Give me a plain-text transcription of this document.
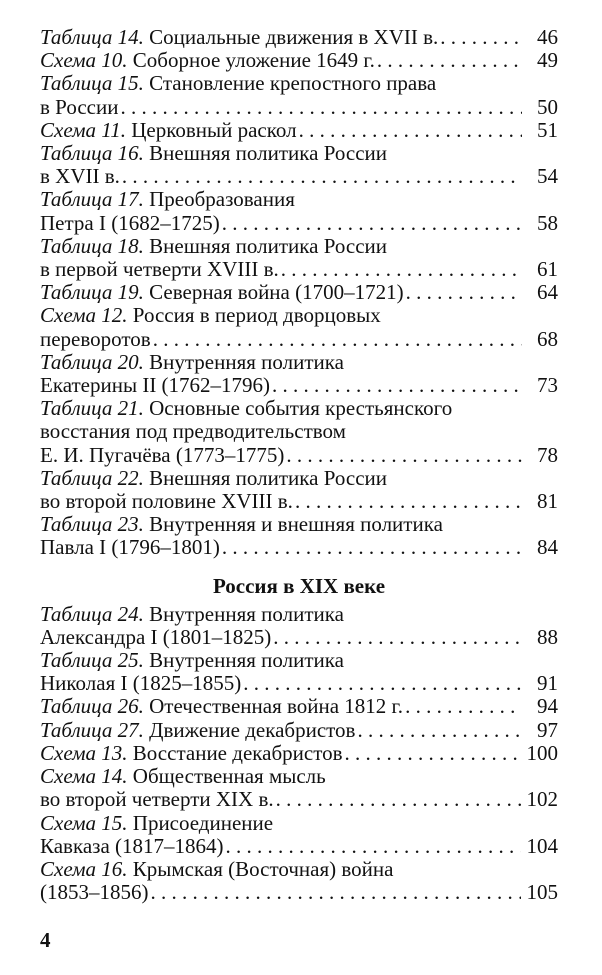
Таблица 14. Социальные движения в XVII в. . . .	46
Схема 10. Соборное уложение 1649 г. . . .	49
Таблица 15. Становление крепостного права
в России . . .	50
Схема 11. Церковный раскол . . .	51
Таблица 16. Внешняя политика России
в XVII в. . . .	54
Таблица 17. Преобразования
Петра I (1682–1725) . . .	58
Таблица 18. Внешняя политика России
в первой четверти XVIII в. . . .	61
Таблица 19. Северная война (1700–1721) . . .	64
Схема 12. Россия в период дворцовых
переворотов . . .	68
Таблица 20. Внутренняя политика
Екатерины II (1762–1796) . . .	73
Таблица 21. Основные события крестьянского
восстания под предводительством
Е. И. Пугачёва (1773–1775) . . .	78
Таблица 22. Внешняя политика России
во второй половине XVIII в. . . .	81
Таблица 23. Внутренняя и внешняя политика
Павла I (1796–1801) . . .	84
Россия в XIX веке
Таблица 24. Внутренняя политика
Александра I (1801–1825) . . .	88
Таблица 25. Внутренняя политика
Николая I (1825–1855) . . .	91
Таблица 26. Отечественная война 1812 г. . . .	94
Таблица 27. Движение декабристов . . .	97
Схема 13. Восстание декабристов . . .	100
Схема 14. Общественная мысль
во второй четверти XIX в. . . .	102
Схема 15. Присоединение
Кавказа (1817–1864) . . .	104
Схема 16. Крымская (Восточная) война
(1853–1856) . . .	105
4
